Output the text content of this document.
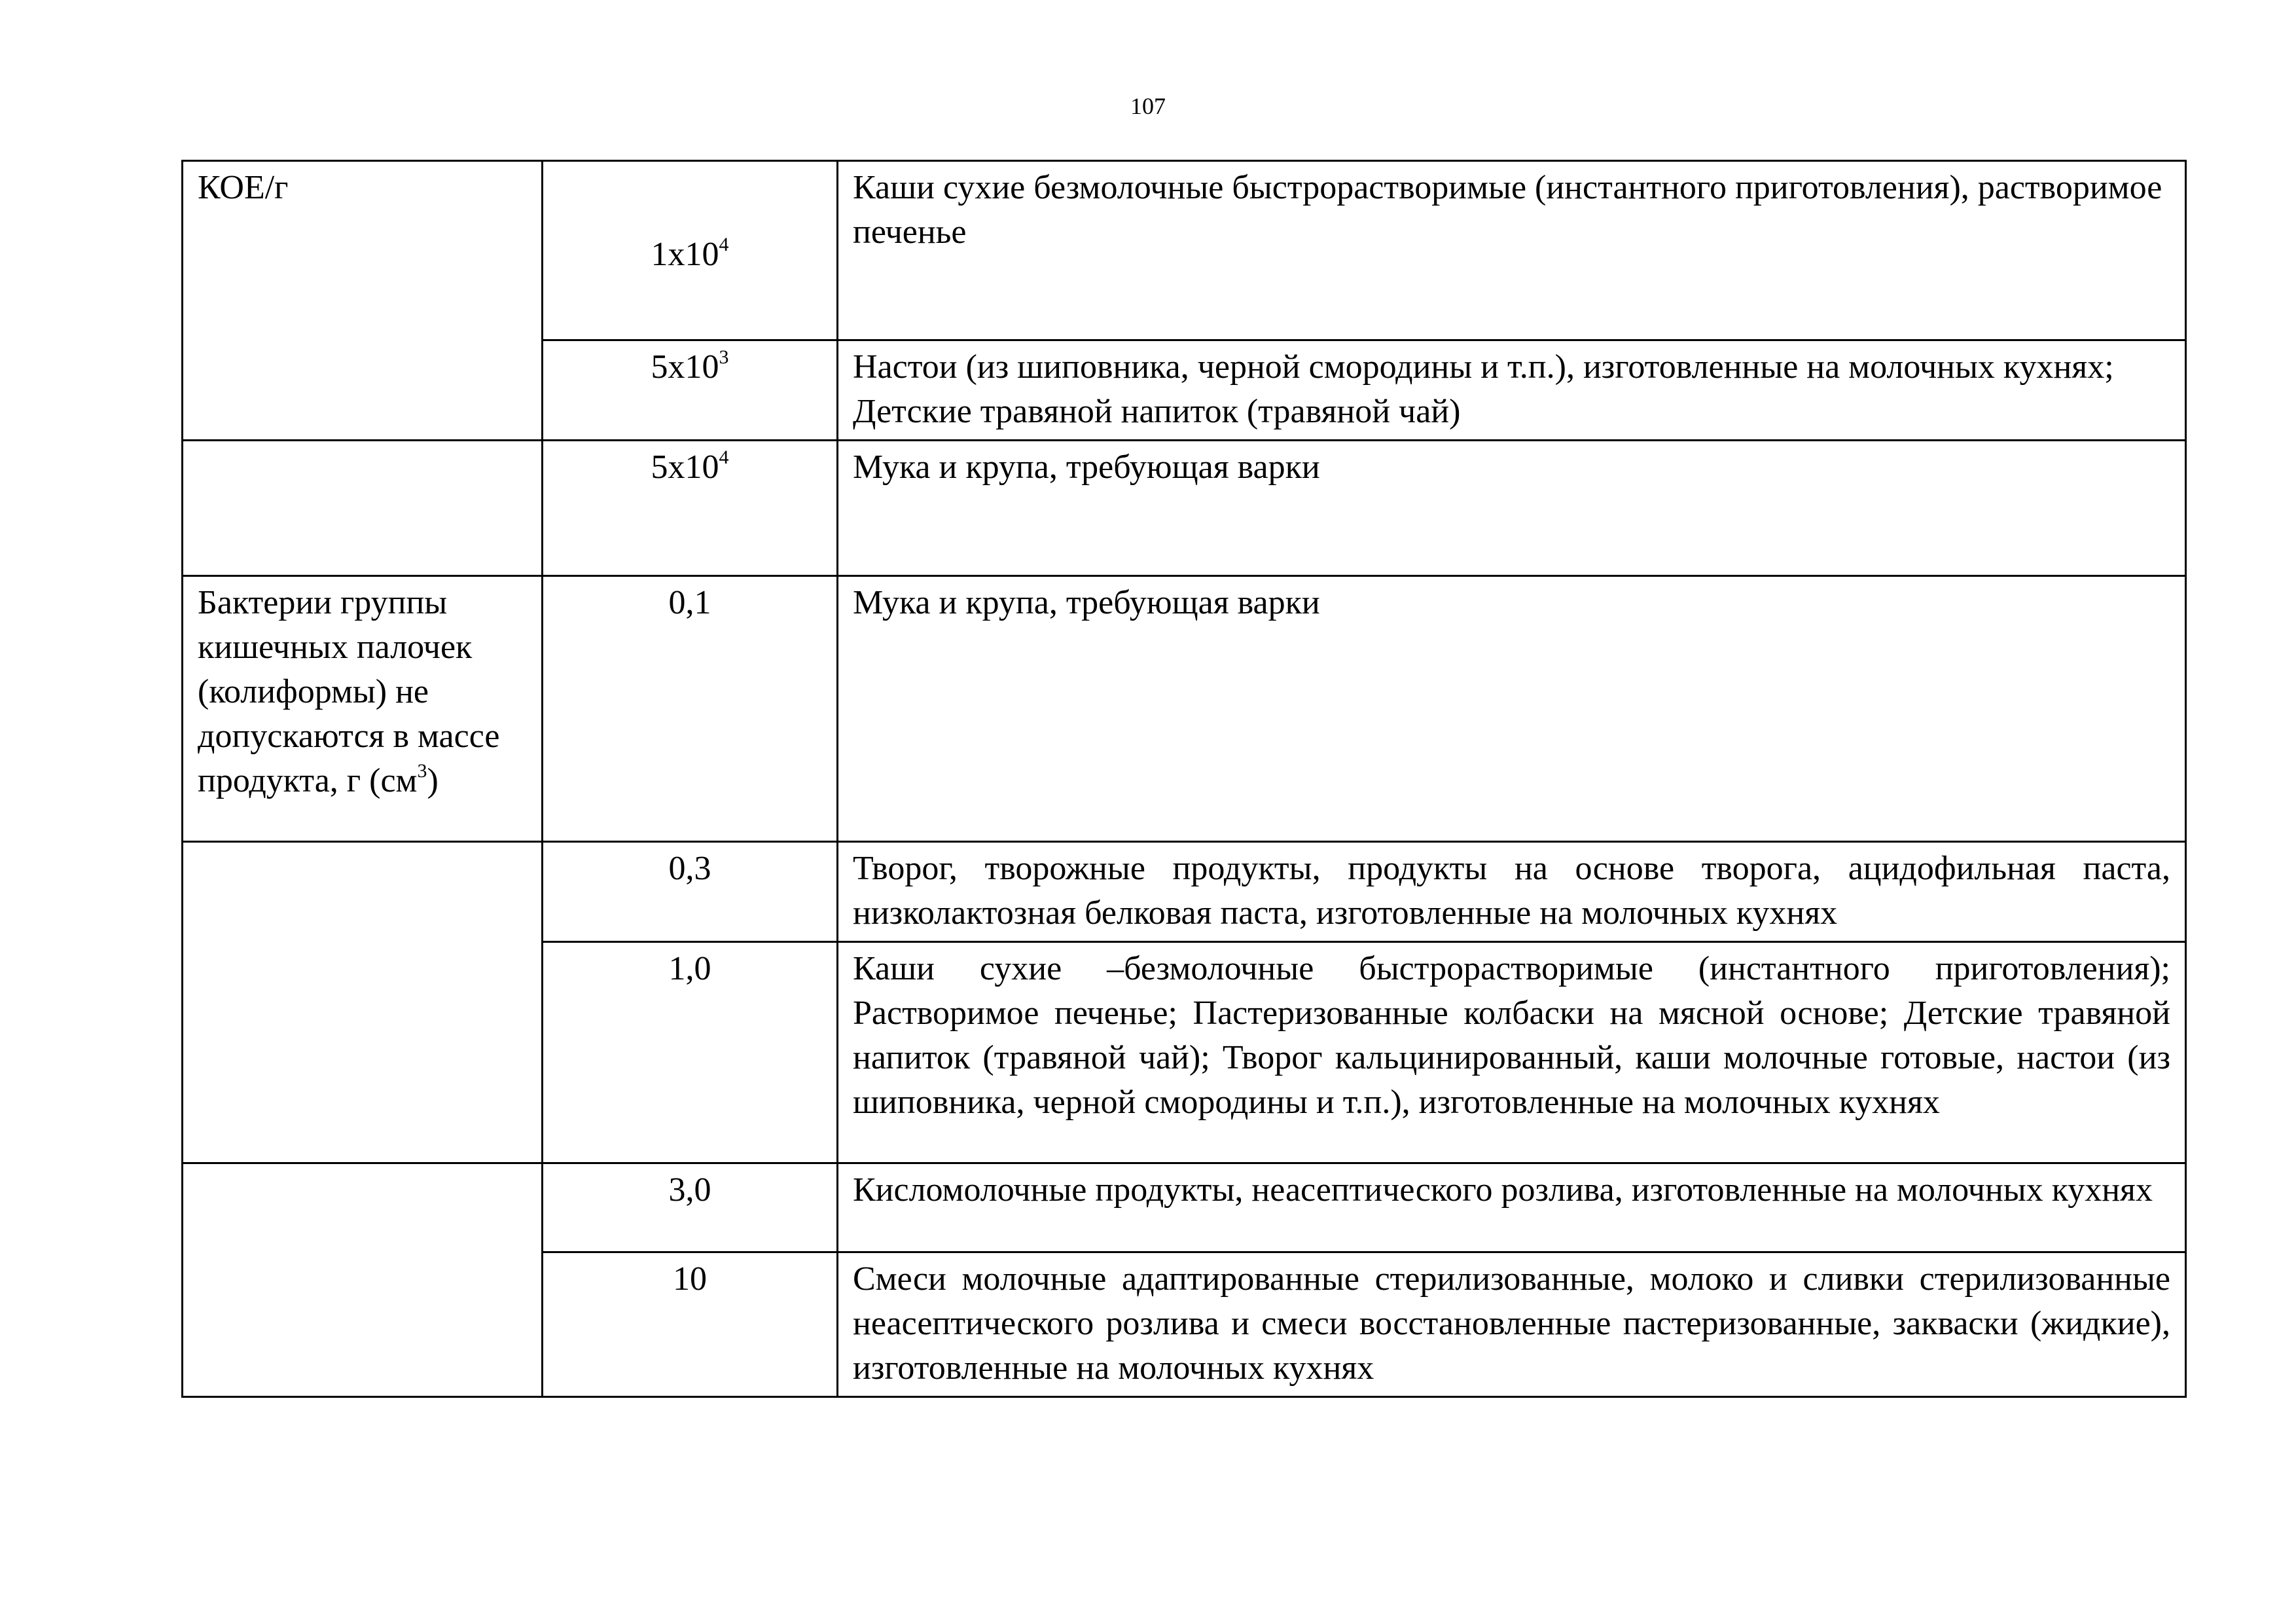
107
КОЕ/г	$1x10^4$	Каши сухие безмолочные быстрорастворимые (инстантного приготовления), растворимое печенье
	$5x10^3$	Настои (из шиповника, черной смородины и т.п.), изготовленные на молочных кухнях; Детские травяной напиток (травяной чай)
	$5x10^4$	Мука и крупа, требующая варки
Бактерии группы кишечных палочек (колиформы) не допускаются в массе продукта, г $(см^3)$	0,1	Мука и крупа, требующая варки
	0,3	Творог, творожные продукты, продукты на основе творога, ацидофильная паста, низколактозная белковая паста, изготовленные на молочных кухнях
	1,0	Каши сухие –безмолочные быстрорастворимые (инстантного приготовления); Растворимое печенье; Пастеризованные колбаски на мясной основе; Детские травяной напиток (травяной чай); Творог кальцинированный, каши молочные готовые, настои (из шиповника, черной смородины и т.п.), изготовленные на молочных кухнях
	3,0	Кисломолочные продукты, неасептического розлива, изготовленные на молочных кухнях
	10	Смеси молочные адаптированные стерилизованные, молоко и сливки стерилизованные неасептического розлива и смеси восстановленные пастеризованные, закваски (жидкие), изготовленные на молочных кухнях
